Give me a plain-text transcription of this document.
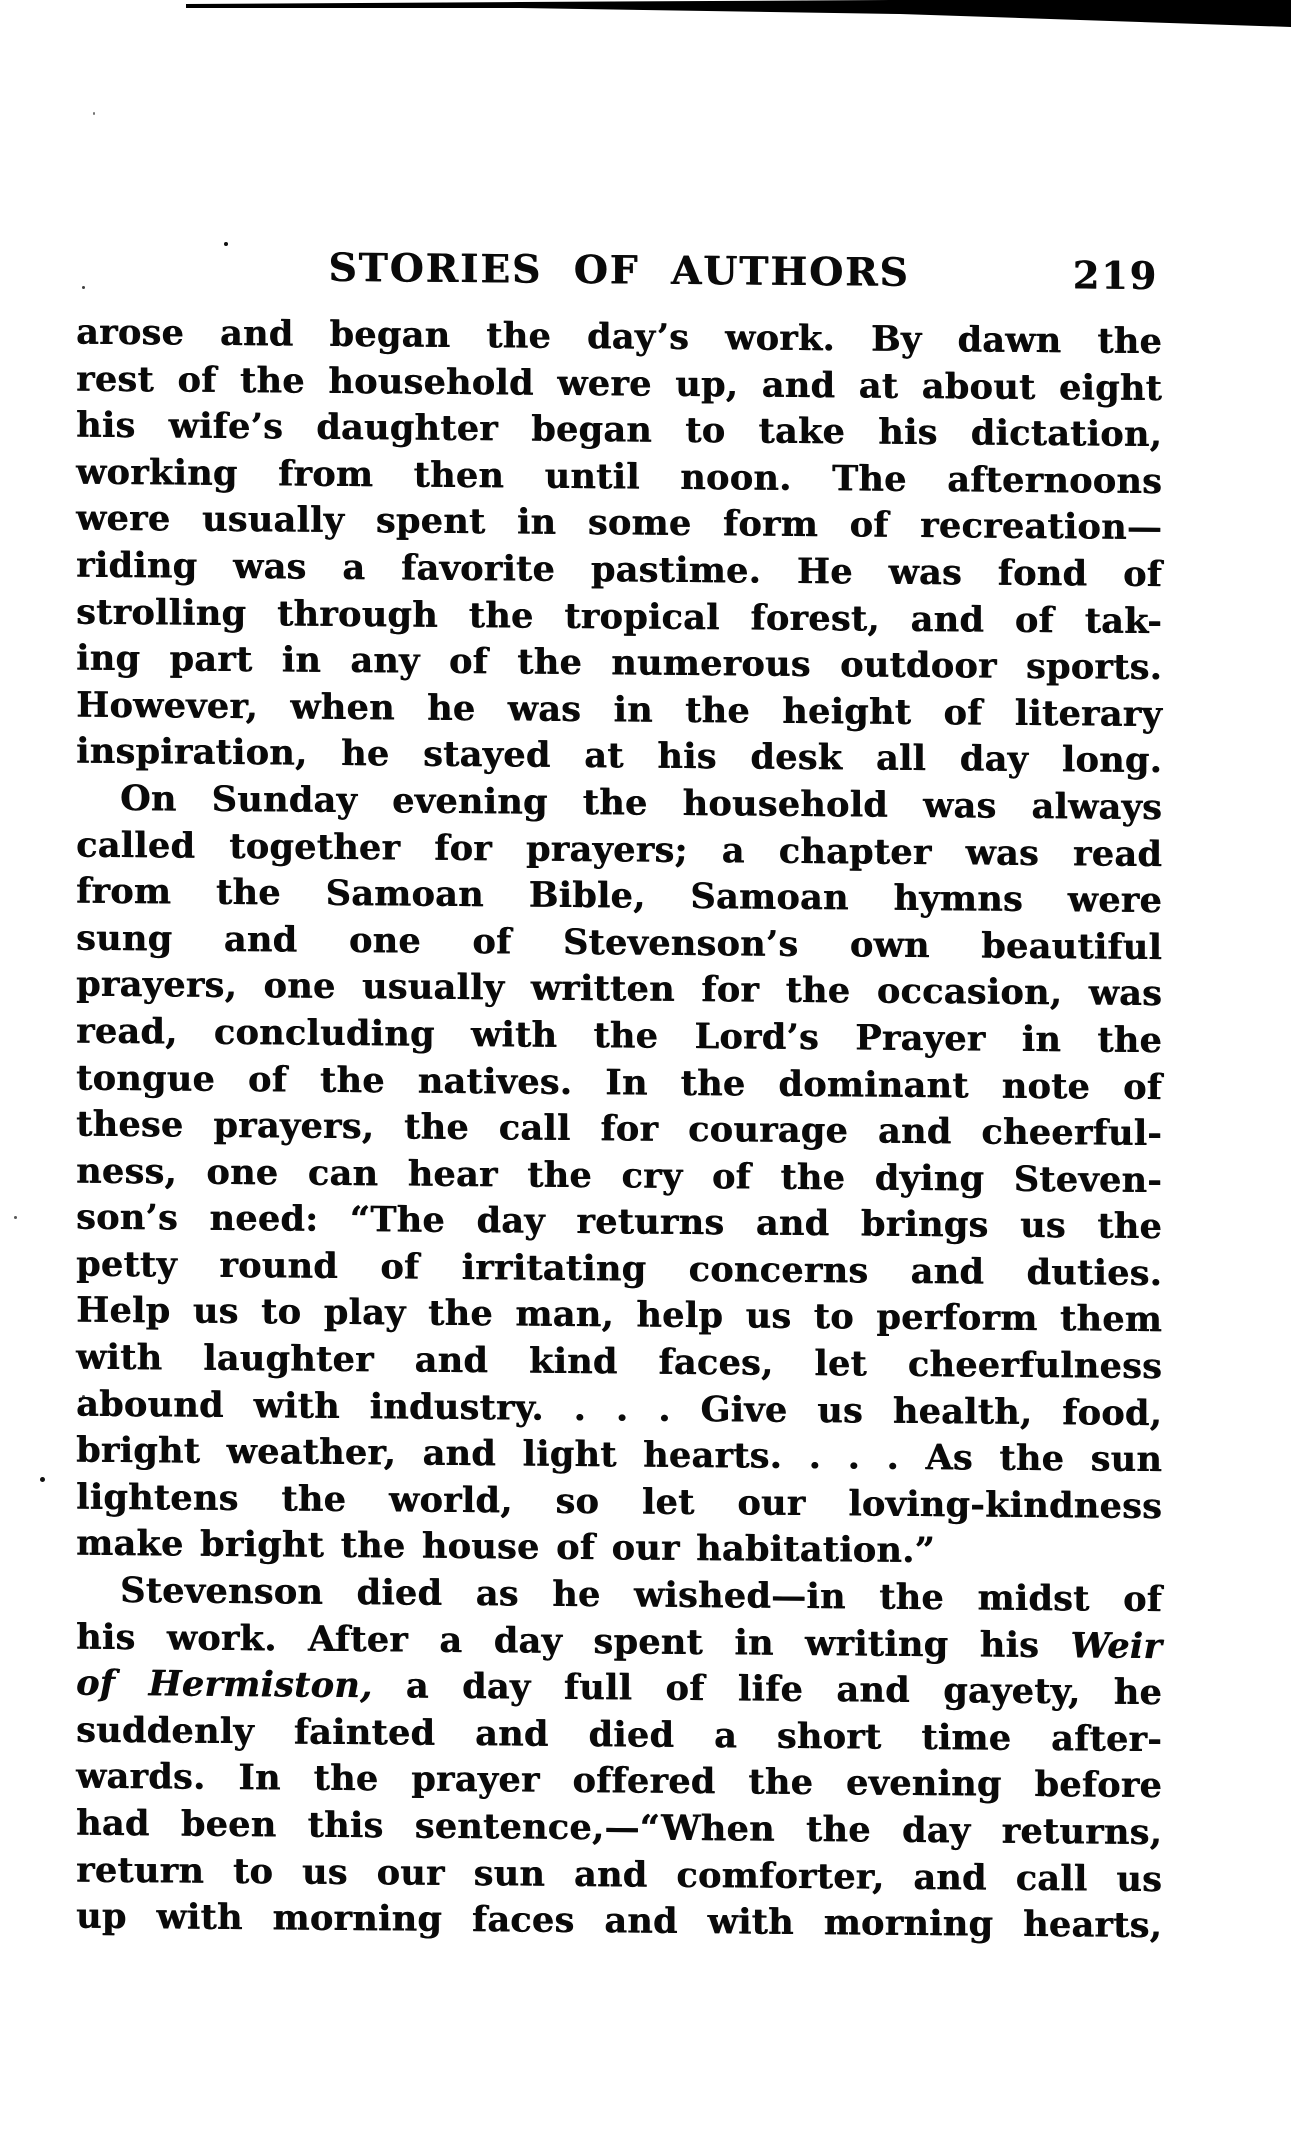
STORIES OF AUTHORS	219
arose and began the day’s work. By dawn the
rest of the household were up, and at about eight
his wife’s daughter began to take his dictation,
working from then until noon. The afternoons
were usually spent in some form of recreation—
riding was a favorite pastime. He was fond of
strolling through the tropical forest, and of tak-
ing part in any of the numerous outdoor sports.
However, when he was in the height of literary
inspiration, he stayed at his desk all day long.
On Sunday evening the household was always
called together for prayers; a chapter was read
from the Samoan Bible, Samoan hymns were
sung and one of Stevenson’s own beautiful
prayers, one usually written for the occasion, was
read, concluding with the Lord’s Prayer in the
tongue of the natives. In the dominant note of
these prayers, the call for courage and cheerful-
ness, one can hear the cry of the dying Steven-
son’s need: “The day returns and brings us the
petty round of irritating concerns and duties.
Help us to play the man, help us to perform them
with laughter and kind faces, let cheerfulness
abound with industry. . . . Give us health, food,
bright weather, and light hearts. . . . As the sun
lightens the world, so let our loving-kindness
make bright the house of our habitation.”
Stevenson died as he wished—in the midst of
his work. After a day spent in writing his Weir
of Hermiston, a day full of life and gayety, he
suddenly fainted and died a short time after-
wards. In the prayer offered the evening before
had been this sentence,—“When the day returns,
return to us our sun and comforter, and call us
up with morning faces and with morning hearts,
